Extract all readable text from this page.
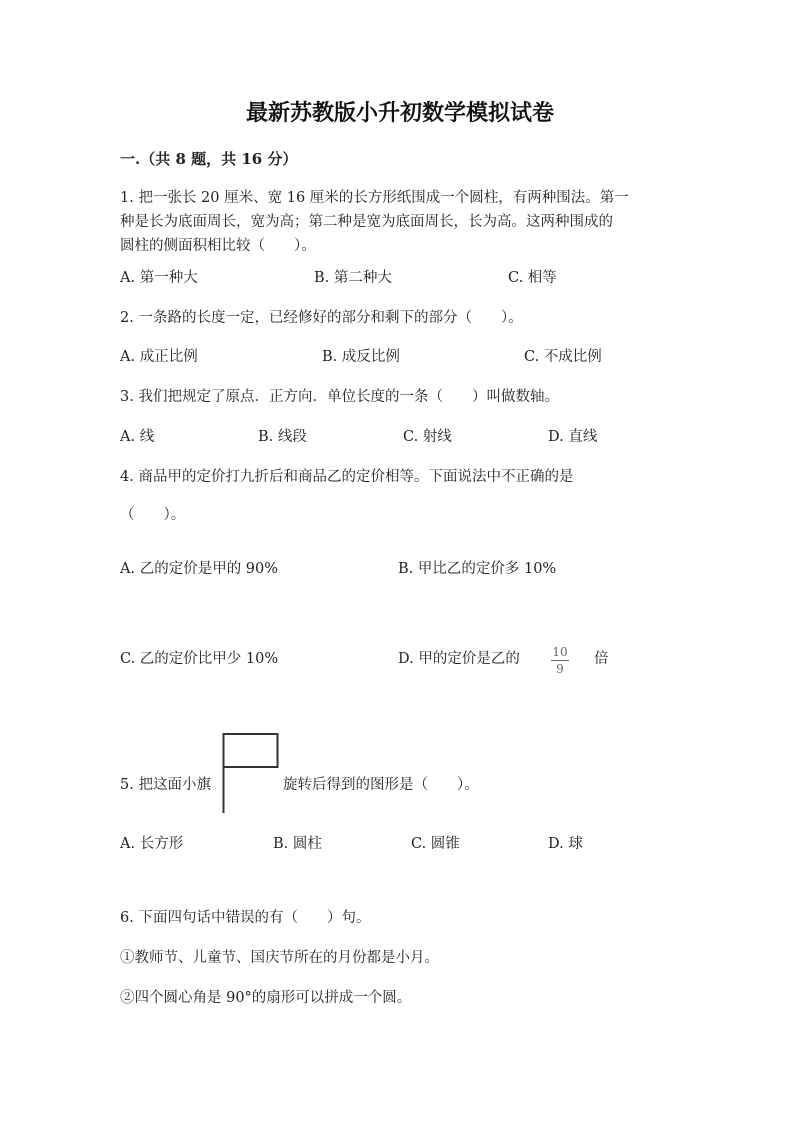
最新苏教版小升初数学模拟试卷
一.（共 8 题，共 16 分）
1. 把一张长 20 厘米、宽 16 厘米的长方形纸围成一个圆柱，有两种围法。第一
种是长为底面周长，宽为高；第二种是宽为底面周长，长为高。这两种围成的
圆柱的侧面积相比较（　　）。
A. 第一种大	B. 第二种大	C. 相等
2. 一条路的长度一定，已经修好的部分和剩下的部分（　　）。
A. 成正比例	B. 成反比例	C. 不成比例
3. 我们把规定了原点．正方向．单位长度的一条（　　）叫做数轴。
A. 线	B. 线段	C. 射线	D. 直线
4. 商品甲的定价打九折后和商品乙的定价相等。下面说法中不正确的是
（　　）。
A. 乙的定价是甲的 90%	B. 甲比乙的定价多 10%
C. 乙的定价比甲少 10%	D. 甲的定价是乙的	10
9
倍
5. 把这面小旗	旋转后得到的图形是（　　）。
A. 长方形	B. 圆柱	C. 圆锥	D. 球
6. 下面四句话中错误的有（　　）句。
①教师节、儿童节、国庆节所在的月份都是小月。
②四个圆心角是 90°的扇形可以拼成一个圆。
